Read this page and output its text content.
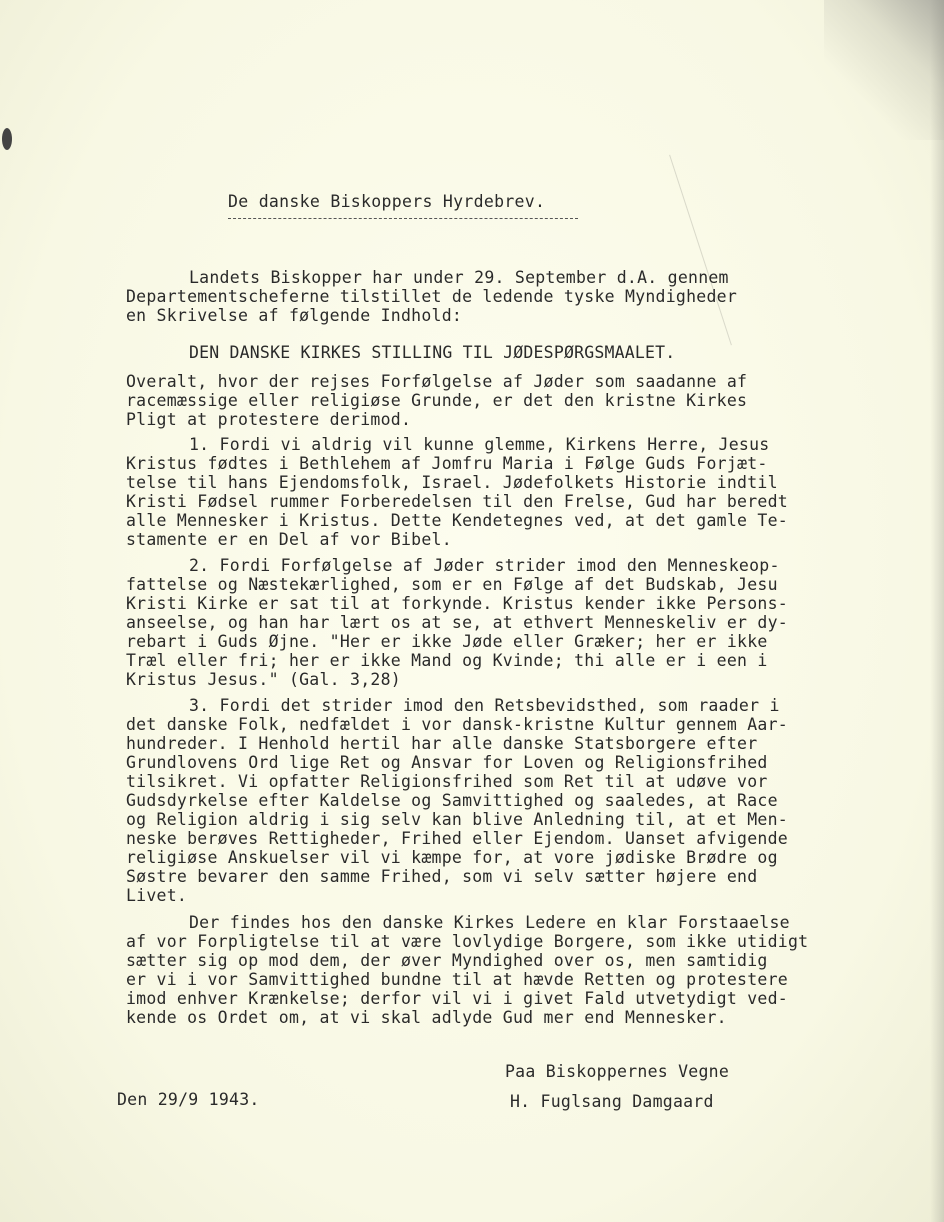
De danske Biskoppers Hyrdebrev.
Landets Biskopper har under 29. September d.A. gennem
Departementscheferne tilstillet de ledende tyske Myndigheder
en Skrivelse af følgende Indhold:
DEN DANSKE KIRKES STILLING TIL JØDESPØRGSMAALET.
Overalt, hvor der rejses Forfølgelse af Jøder som saadanne af
racemæssige eller religiøse Grunde, er det den kristne Kirkes
Pligt at protestere derimod.
1. Fordi vi aldrig vil kunne glemme, Kirkens Herre, Jesus
Kristus fødtes i Bethlehem af Jomfru Maria i Følge Guds Forjæt-
telse til hans Ejendomsfolk, Israel. Jødefolkets Historie indtil
Kristi Fødsel rummer Forberedelsen til den Frelse, Gud har beredt
alle Mennesker i Kristus. Dette Kendetegnes ved, at det gamle Te-
stamente er en Del af vor Bibel.
2. Fordi Forfølgelse af Jøder strider imod den Menneskeop-
fattelse og Næstekærlighed, som er en Følge af det Budskab, Jesu
Kristi Kirke er sat til at forkynde. Kristus kender ikke Persons-
anseelse, og han har lært os at se, at ethvert Menneskeliv er dy-
rebart i Guds Øjne. "Her er ikke Jøde eller Græker; her er ikke
Træl eller fri; her er ikke Mand og Kvinde; thi alle er i een i
Kristus Jesus." (Gal. 3,28)
3. Fordi det strider imod den Retsbevidsthed, som raader i
det danske Folk, nedfældet i vor dansk-kristne Kultur gennem Aar-
hundreder. I Henhold hertil har alle danske Statsborgere efter
Grundlovens Ord lige Ret og Ansvar for Loven og Religionsfrihed
tilsikret. Vi opfatter Religionsfrihed som Ret til at udøve vor
Gudsdyrkelse efter Kaldelse og Samvittighed og saaledes, at Race
og Religion aldrig i sig selv kan blive Anledning til, at et Men-
neske berøves Rettigheder, Frihed eller Ejendom. Uanset afvigende
religiøse Anskuelser vil vi kæmpe for, at vore jødiske Brødre og
Søstre bevarer den samme Frihed, som vi selv sætter højere end
Livet.
Der findes hos den danske Kirkes Ledere en klar Forstaaelse
af vor Forpligtelse til at være lovlydige Borgere, som ikke utidigt
sætter sig op mod dem, der øver Myndighed over os, men samtidig
er vi i vor Samvittighed bundne til at hævde Retten og protestere
imod enhver Krænkelse; derfor vil vi i givet Fald utvetydigt ved-
kende os Ordet om, at vi skal adlyde Gud mer end Mennesker.
Paa Biskoppernes Vegne
Den 29/9 1943.	H. Fuglsang Damgaard
